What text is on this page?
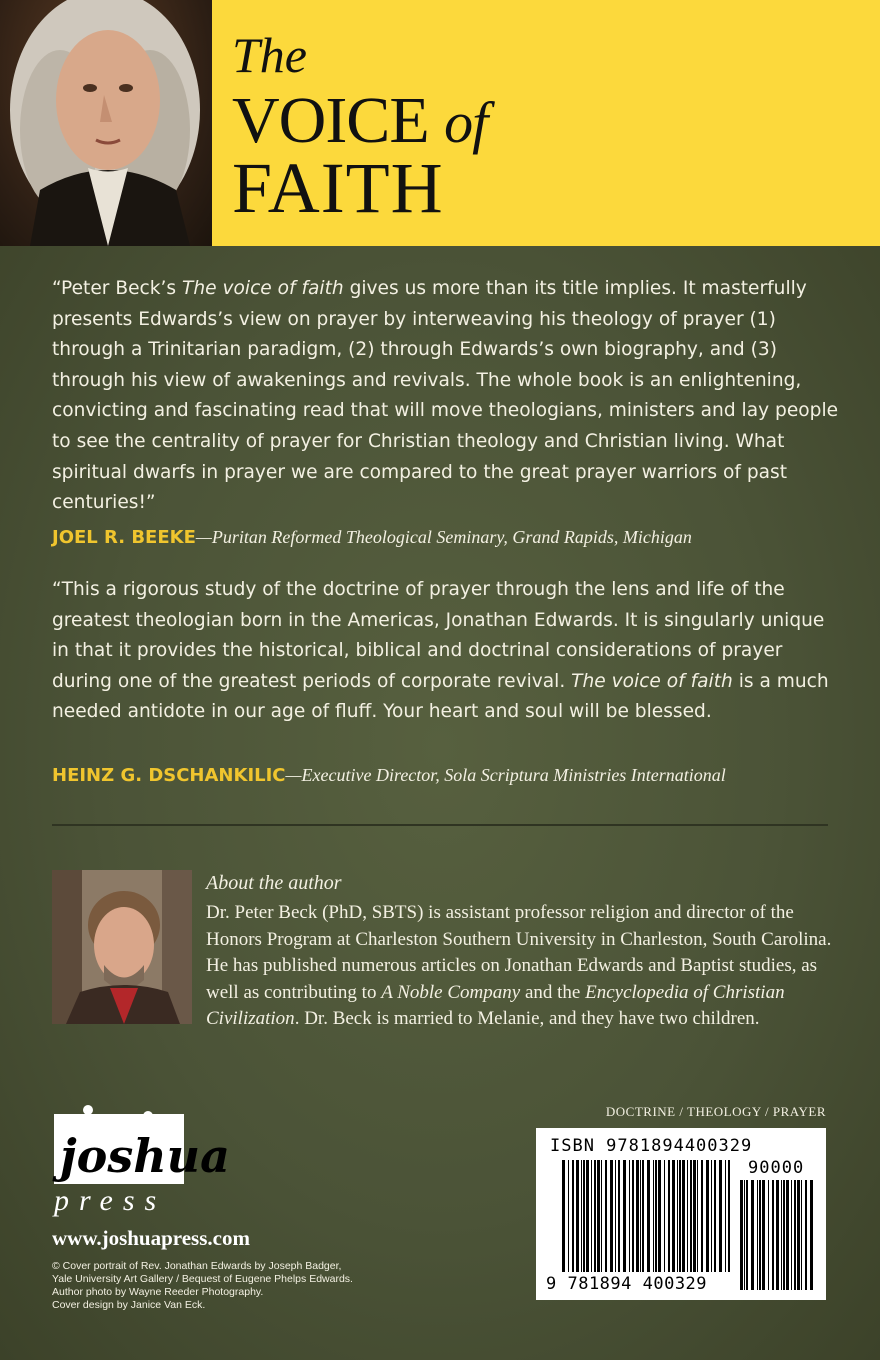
The
VOICE of
FAITH

“Peter Beck’s The voice of faith gives us more than its title implies. It masterfully presents Edwards’s view on prayer by interweaving his theology of prayer (1) through a Trinitarian paradigm, (2) through Edwards’s own biography, and (3) through his view of awakenings and revivals. The whole book is an enlightening, convicting and fascinating read that will move theologians, ministers and lay people to see the centrality of prayer for Christian theology and Christian living. What spiritual dwarfs in prayer we are compared to the great prayer warriors of past centuries!”

JOEL R. BEEKE—Puritan Reformed Theological Seminary, Grand Rapids, Michigan

“This a rigorous study of the doctrine of prayer through the lens and life of the greatest theologian born in the Americas, Jonathan Edwards. It is singularly unique in that it provides the historical, biblical and doctrinal considerations of prayer during one of the greatest periods of corporate revival. The voice of faith is a much needed antidote in our age of fluff. Your heart and soul will be blessed.

HEINZ G. DSCHANKILIC—Executive Director, Sola Scriptura Ministries International
About the author

Dr. Peter Beck (PhD, SBTS) is assistant professor religion and director of the Honors Program at Charleston Southern University in Charleston, South Carolina. He has published numerous articles on Jonathan Edwards and Baptist studies, as well as contributing to A Noble Company and the Encyclopedia of Christian Civilization. Dr. Beck is married to Melanie, and they have two children.

joshua
press
www.joshuapress.com
© Cover portrait of Rev. Jonathan Edwards by Joseph Badger,
Yale University Art Gallery / Bequest of Eugene Phelps Edwards.
Author photo by Wayne Reeder Photography.
Cover design by Janice Van Eck.
DOCTRINE / THEOLOGY / PRAYER
ISBN 9781894400329
90000
9 781894 400329
